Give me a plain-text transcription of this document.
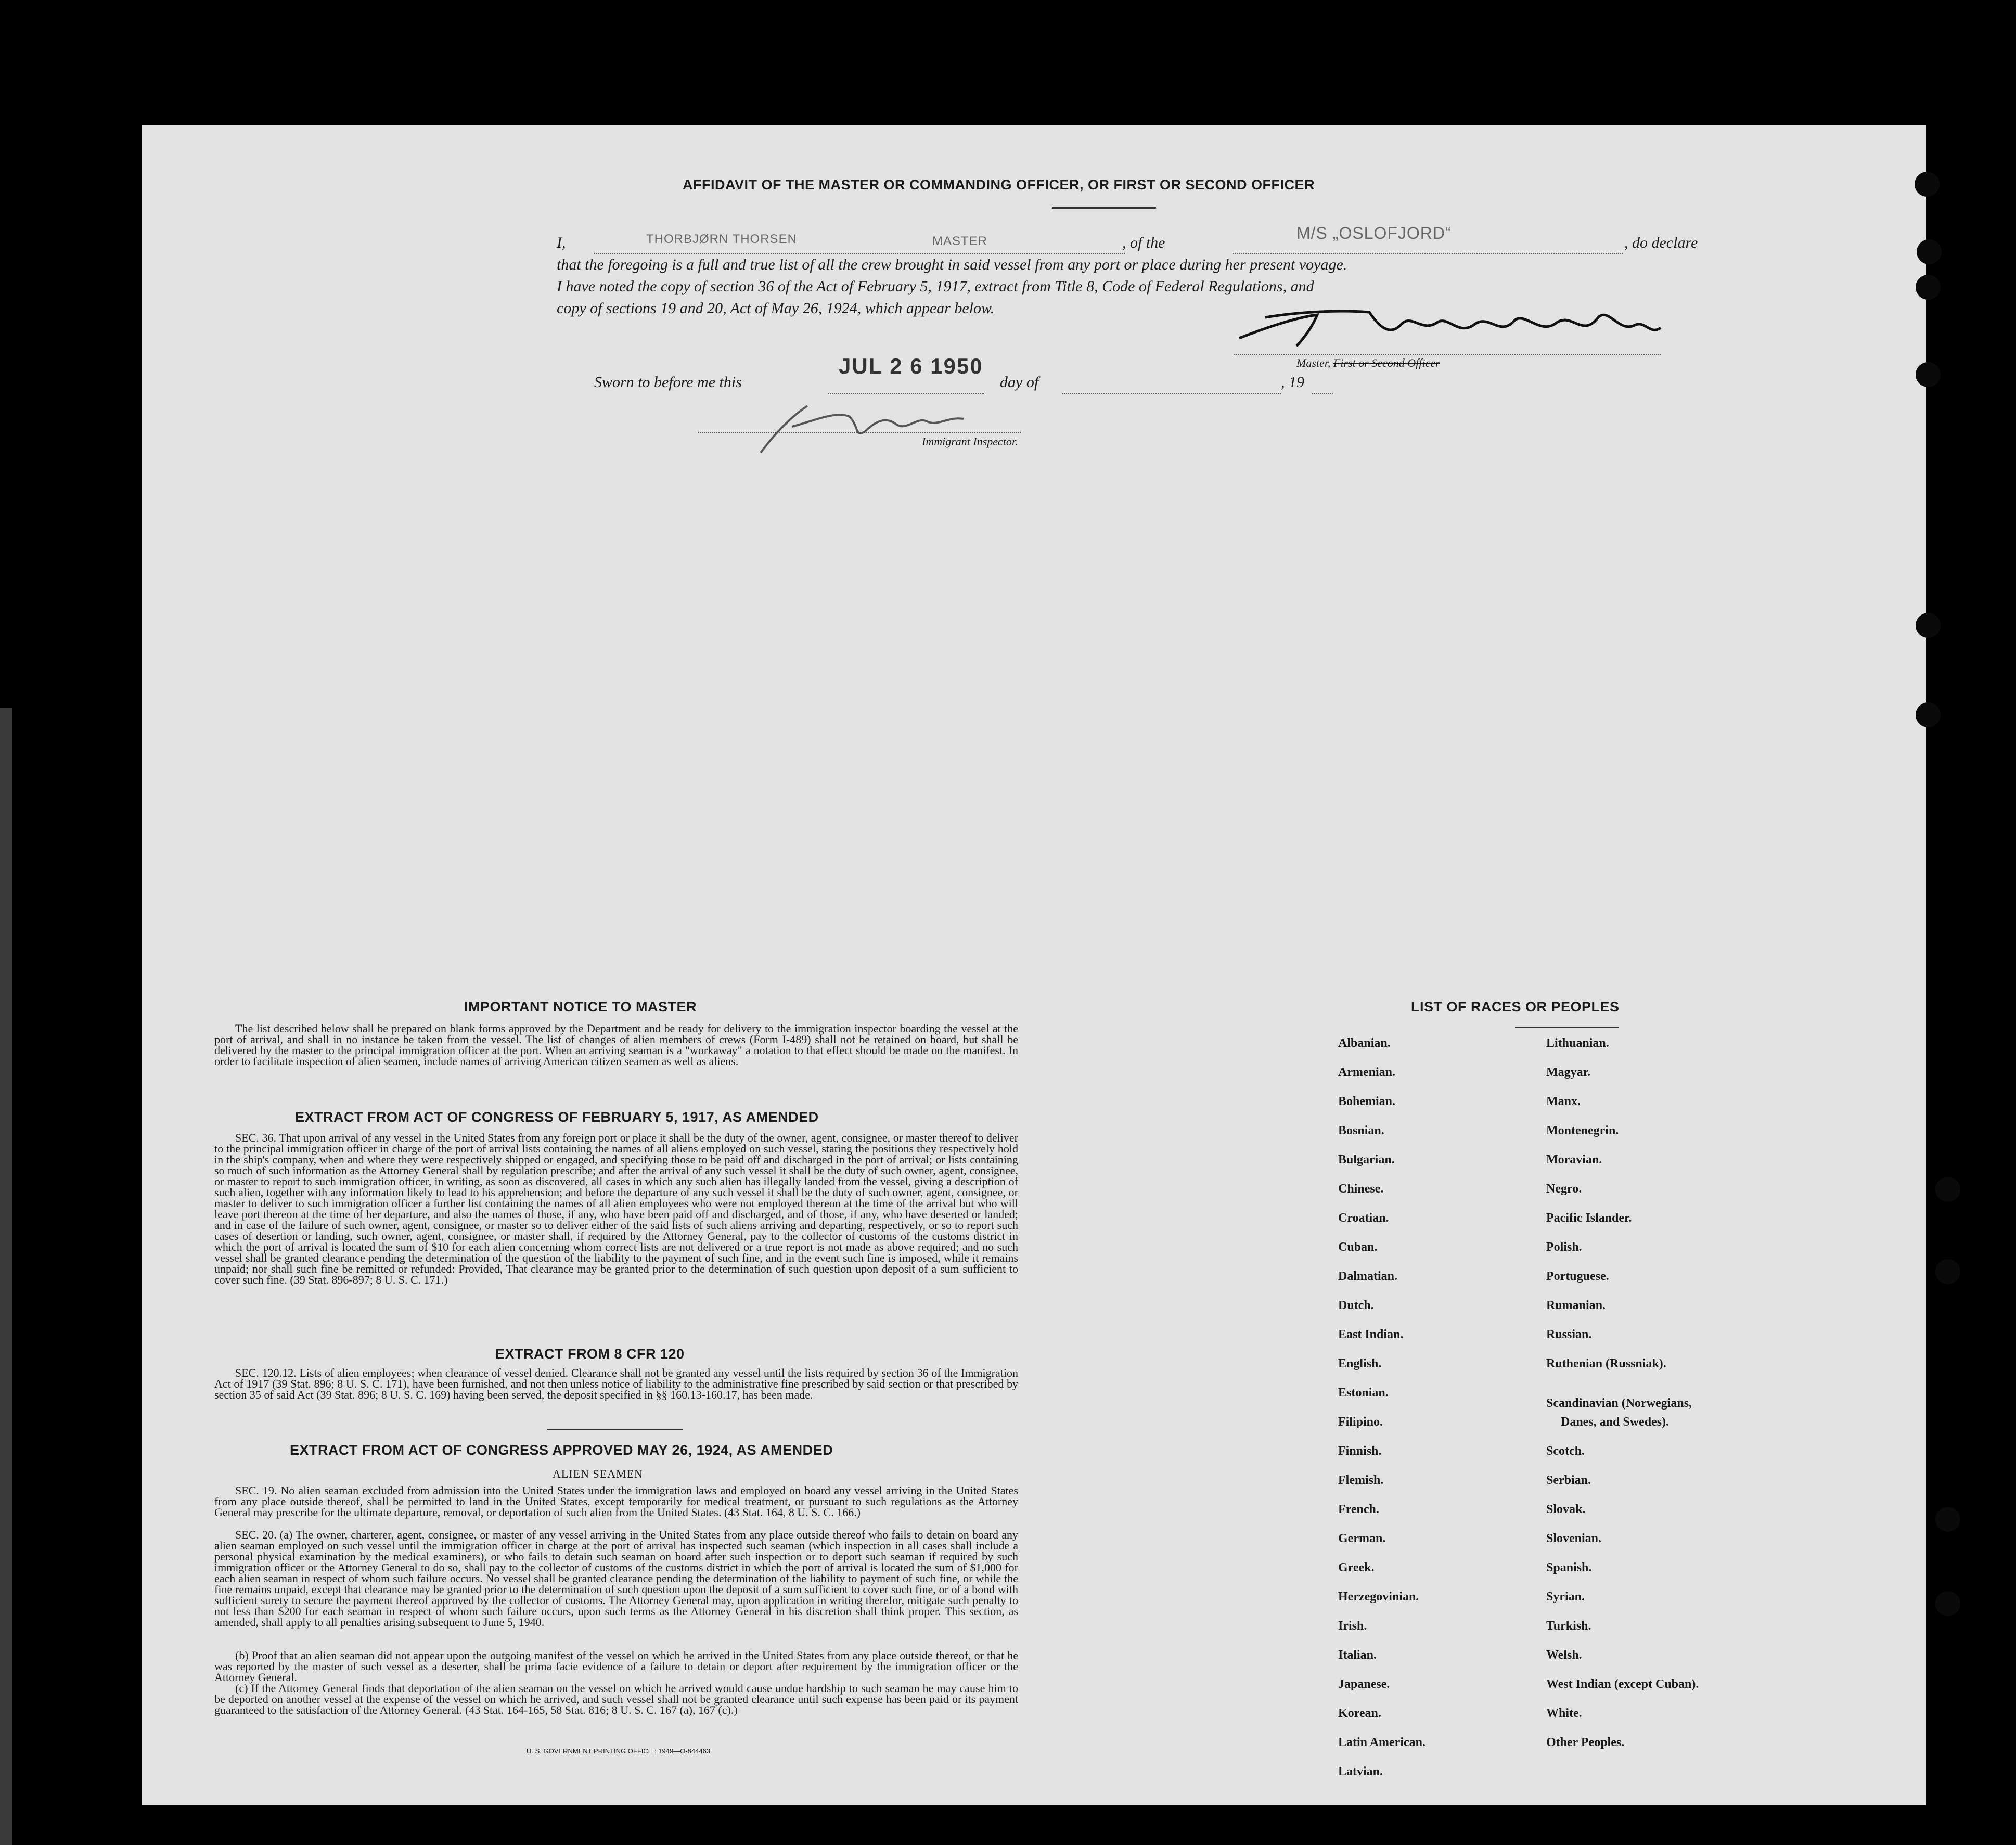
AFFIDAVIT OF THE MASTER OR COMMANDING OFFICER, OR FIRST OR SECOND OFFICER
I,	THORBJØRN THORSEN	MASTER	, of the
M/S „OSLOFJORD“
, do declare
that the foregoing is a full and true list of all the crew brought in said vessel from any port or place during her present voyage.
I have noted the copy of section 36 of the Act of February 5, 1917, extract from Title 8, Code of Federal Regulations, and
copy of sections 19 and 20, Act of May 26, 1924, which appear below.
Master, First or Second Officer
Sworn to before me this
JUL 2 6 1950
day of	, 19
Immigrant Inspector.
IMPORTANT NOTICE TO MASTER
The list described below shall be prepared on blank forms approved by the Department and be ready for delivery to the immigration inspector boarding the vessel at the port of arrival, and shall in no instance be taken from the vessel. The list of changes of alien members of crews (Form I-489) shall not be retained on board, but shall be delivered by the master to the principal immigration officer at the port. When an arriving seaman is a "workaway" a notation to that effect should be made on the manifest. In order to facilitate inspection of alien seamen, include names of arriving American citizen seamen as well as aliens.
EXTRACT FROM ACT OF CONGRESS OF FEBRUARY 5, 1917, AS AMENDED
SEC. 36. That upon arrival of any vessel in the United States from any foreign port or place it shall be the duty of the owner, agent, consignee, or master thereof to deliver to the principal immigration officer in charge of the port of arrival lists containing the names of all aliens employed on such vessel, stating the positions they respectively hold in the ship's company, when and where they were respectively shipped or engaged, and specifying those to be paid off and discharged in the port of arrival; or lists containing so much of such information as the Attorney General shall by regulation prescribe; and after the arrival of any such vessel it shall be the duty of such owner, agent, consignee, or master to report to such immigration officer, in writing, as soon as discovered, all cases in which any such alien has illegally landed from the vessel, giving a description of such alien, together with any information likely to lead to his apprehension; and before the departure of any such vessel it shall be the duty of such owner, agent, consignee, or master to deliver to such immigration officer a further list containing the names of all alien employees who were not employed thereon at the time of the arrival but who will leave port thereon at the time of her departure, and also the names of those, if any, who have been paid off and discharged, and of those, if any, who have deserted or landed; and in case of the failure of such owner, agent, consignee, or master so to deliver either of the said lists of such aliens arriving and departing, respectively, or so to report such cases of desertion or landing, such owner, agent, consignee, or master shall, if required by the Attorney General, pay to the collector of customs of the customs district in which the port of arrival is located the sum of $10 for each alien concerning whom correct lists are not delivered or a true report is not made as above required; and no such vessel shall be granted clearance pending the determination of the question of the liability to the payment of such fine, and in the event such fine is imposed, while it remains unpaid; nor shall such fine be remitted or refunded: Provided, That clearance may be granted prior to the determination of such question upon deposit of a sum sufficient to cover such fine. (39 Stat. 896-897; 8 U. S. C. 171.)
EXTRACT FROM 8 CFR 120
SEC. 120.12. Lists of alien employees; when clearance of vessel denied. Clearance shall not be granted any vessel until the lists required by section 36 of the Immigration Act of 1917 (39 Stat. 896; 8 U. S. C. 171), have been furnished, and not then unless notice of liability to the administrative fine prescribed by said section or that prescribed by section 35 of said Act (39 Stat. 896; 8 U. S. C. 169) having been served, the deposit specified in §§ 160.13-160.17, has been made.
EXTRACT FROM ACT OF CONGRESS APPROVED MAY 26, 1924, AS AMENDED
ALIEN SEAMEN
SEC. 19. No alien seaman excluded from admission into the United States under the immigration laws and employed on board any vessel arriving in the United States from any place outside thereof, shall be permitted to land in the United States, except temporarily for medical treatment, or pursuant to such regulations as the Attorney General may prescribe for the ultimate departure, removal, or deportation of such alien from the United States. (43 Stat. 164, 8 U. S. C. 166.)
SEC. 20. (a) The owner, charterer, agent, consignee, or master of any vessel arriving in the United States from any place outside thereof who fails to detain on board any alien seaman employed on such vessel until the immigration officer in charge at the port of arrival has inspected such seaman (which inspection in all cases shall include a personal physical examination by the medical examiners), or who fails to detain such seaman on board after such inspection or to deport such seaman if required by such immigration officer or the Attorney General to do so, shall pay to the collector of customs of the customs district in which the port of arrival is located the sum of $1,000 for each alien seaman in respect of whom such failure occurs. No vessel shall be granted clearance pending the determination of the liability to payment of such fine, or while the fine remains unpaid, except that clearance may be granted prior to the determination of such question upon the deposit of a sum sufficient to cover such fine, or of a bond with sufficient surety to secure the payment thereof approved by the collector of customs. The Attorney General may, upon application in writing therefor, mitigate such penalty to not less than $200 for each seaman in respect of whom such failure occurs, upon such terms as the Attorney General in his discretion shall think proper. This section, as amended, shall apply to all penalties arising subsequent to June 5, 1940.
(b) Proof that an alien seaman did not appear upon the outgoing manifest of the vessel on which he arrived in the United States from any place outside thereof, or that he was reported by the master of such vessel as a deserter, shall be prima facie evidence of a failure to detain or deport after requirement by the immigration officer or the Attorney General.
(c) If the Attorney General finds that deportation of the alien seaman on the vessel on which he arrived would cause undue hardship to such seaman he may cause him to be deported on another vessel at the expense of the vessel on which he arrived, and such vessel shall not be granted clearance until such expense has been paid or its payment guaranteed to the satisfaction of the Attorney General. (43 Stat. 164-165, 58 Stat. 816; 8 U. S. C. 167 (a), 167 (c).)
U. S. GOVERNMENT PRINTING OFFICE : 1949—O-844463
LIST OF RACES OR PEOPLES
Albanian.
Armenian.
Bohemian.
Bosnian.
Bulgarian.
Chinese.
Croatian.
Cuban.
Dalmatian.
Dutch.
East Indian.
English.
Estonian.
Filipino.
Finnish.
Flemish.
French.
German.
Greek.
Herzegovinian.
Irish.
Italian.
Japanese.
Korean.
Latin American.
Latvian.
Lithuanian.
Magyar.
Manx.
Montenegrin.
Moravian.
Negro.
Pacific Islander.
Polish.
Portuguese.
Rumanian.
Russian.
Ruthenian (Russniak).
Scandinavian (Norwegians,
Danes, and Swedes).
Scotch.
Serbian.
Slovak.
Slovenian.
Spanish.
Syrian.
Turkish.
Welsh.
West Indian (except Cuban).
White.
Other Peoples.
